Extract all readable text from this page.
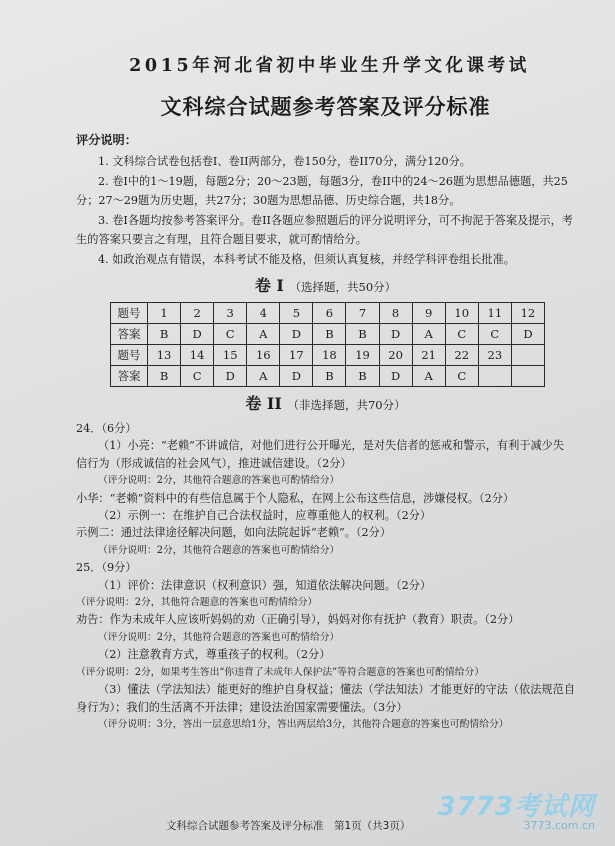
2015年河北省初中毕业生升学文化课考试
文科综合试题参考答案及评分标准
评分说明：

1. 文科综合试卷包括卷I、卷II两部分，卷150分，卷II70分，满分120分。

2. 卷I中的1～19题，每题2分；20～23题，每题3分，卷II中的24～26题为思想品德题，共25分；27～29题为历史题，共27分；30题为思想品德、历史综合题，共18分。

3. 卷I各题均按参考答案评分。卷II各题应参照题后的评分说明评分，可不拘泥于答案及提示，考生的答案只要言之有理，且符合题目要求，就可酌情给分。

4. 如政治观点有错误，本科考试不能及格，但须认真复核，并经学科评卷组长批准。

卷 I （选择题，共50分）
题号	1	2	3	4	5	6	7	8	9	10	11	12
答案	B	D	C	A	D	B	B	D	A	C	C	D
题号	13	14	15	16	17	18	19	20	21	22	23	
答案	B	C	D	A	D	B	B	D	A	C		
卷 II （非选择题，共70分）

24．（6分）

（1）小亮：“老赖”不讲诚信，对他们进行公开曝光，是对失信者的惩戒和警示，有利于减少失信行为（形成诚信的社会风气），推进诚信建设。（2分）

（评分说明：2分，其他符合题意的答案也可酌情给分）

小华：“老赖”资料中的有些信息属于个人隐私，在网上公布这些信息，涉嫌侵权。（2分）

（2）示例一：在维护自己合法权益时，应尊重他人的权利。（2分）

示例二：通过法律途径解决问题，如向法院起诉“老赖”。（2分）

（评分说明：2分，其他符合题意的答案也可酌情给分）

25．（9分）

（1）评价：法律意识（权利意识）强，知道依法解决问题。（2分）

（评分说明：2分，其他符合题意的答案也可酌情给分）

劝告：作为未成年人应该听妈妈的劝（正确引导），妈妈对你有抚护（教育）职责。（2分）

（评分说明：2分，其他符合题意的答案也可酌情给分）

（2）注意教育方式，尊重孩子的权利。（2分）

（评分说明：2分，如果考生答出“你违背了未成年人保护法”等符合题意的答案也可酌情给分）

（3）懂法（学法知法）能更好的维护自身权益；懂法（学法知法）才能更好的守法（依法规范自身行为）；我们的生活离不开法律；建设法治国家需要懂法。（3分）

（评分说明：3分，答出一层意思给1分，答出两层给3分，其他符合题意的答案也可酌情给分）

文科综合试题参考答案及评分标准　第1页（共3页）
3773考试网
3773.com.cn
